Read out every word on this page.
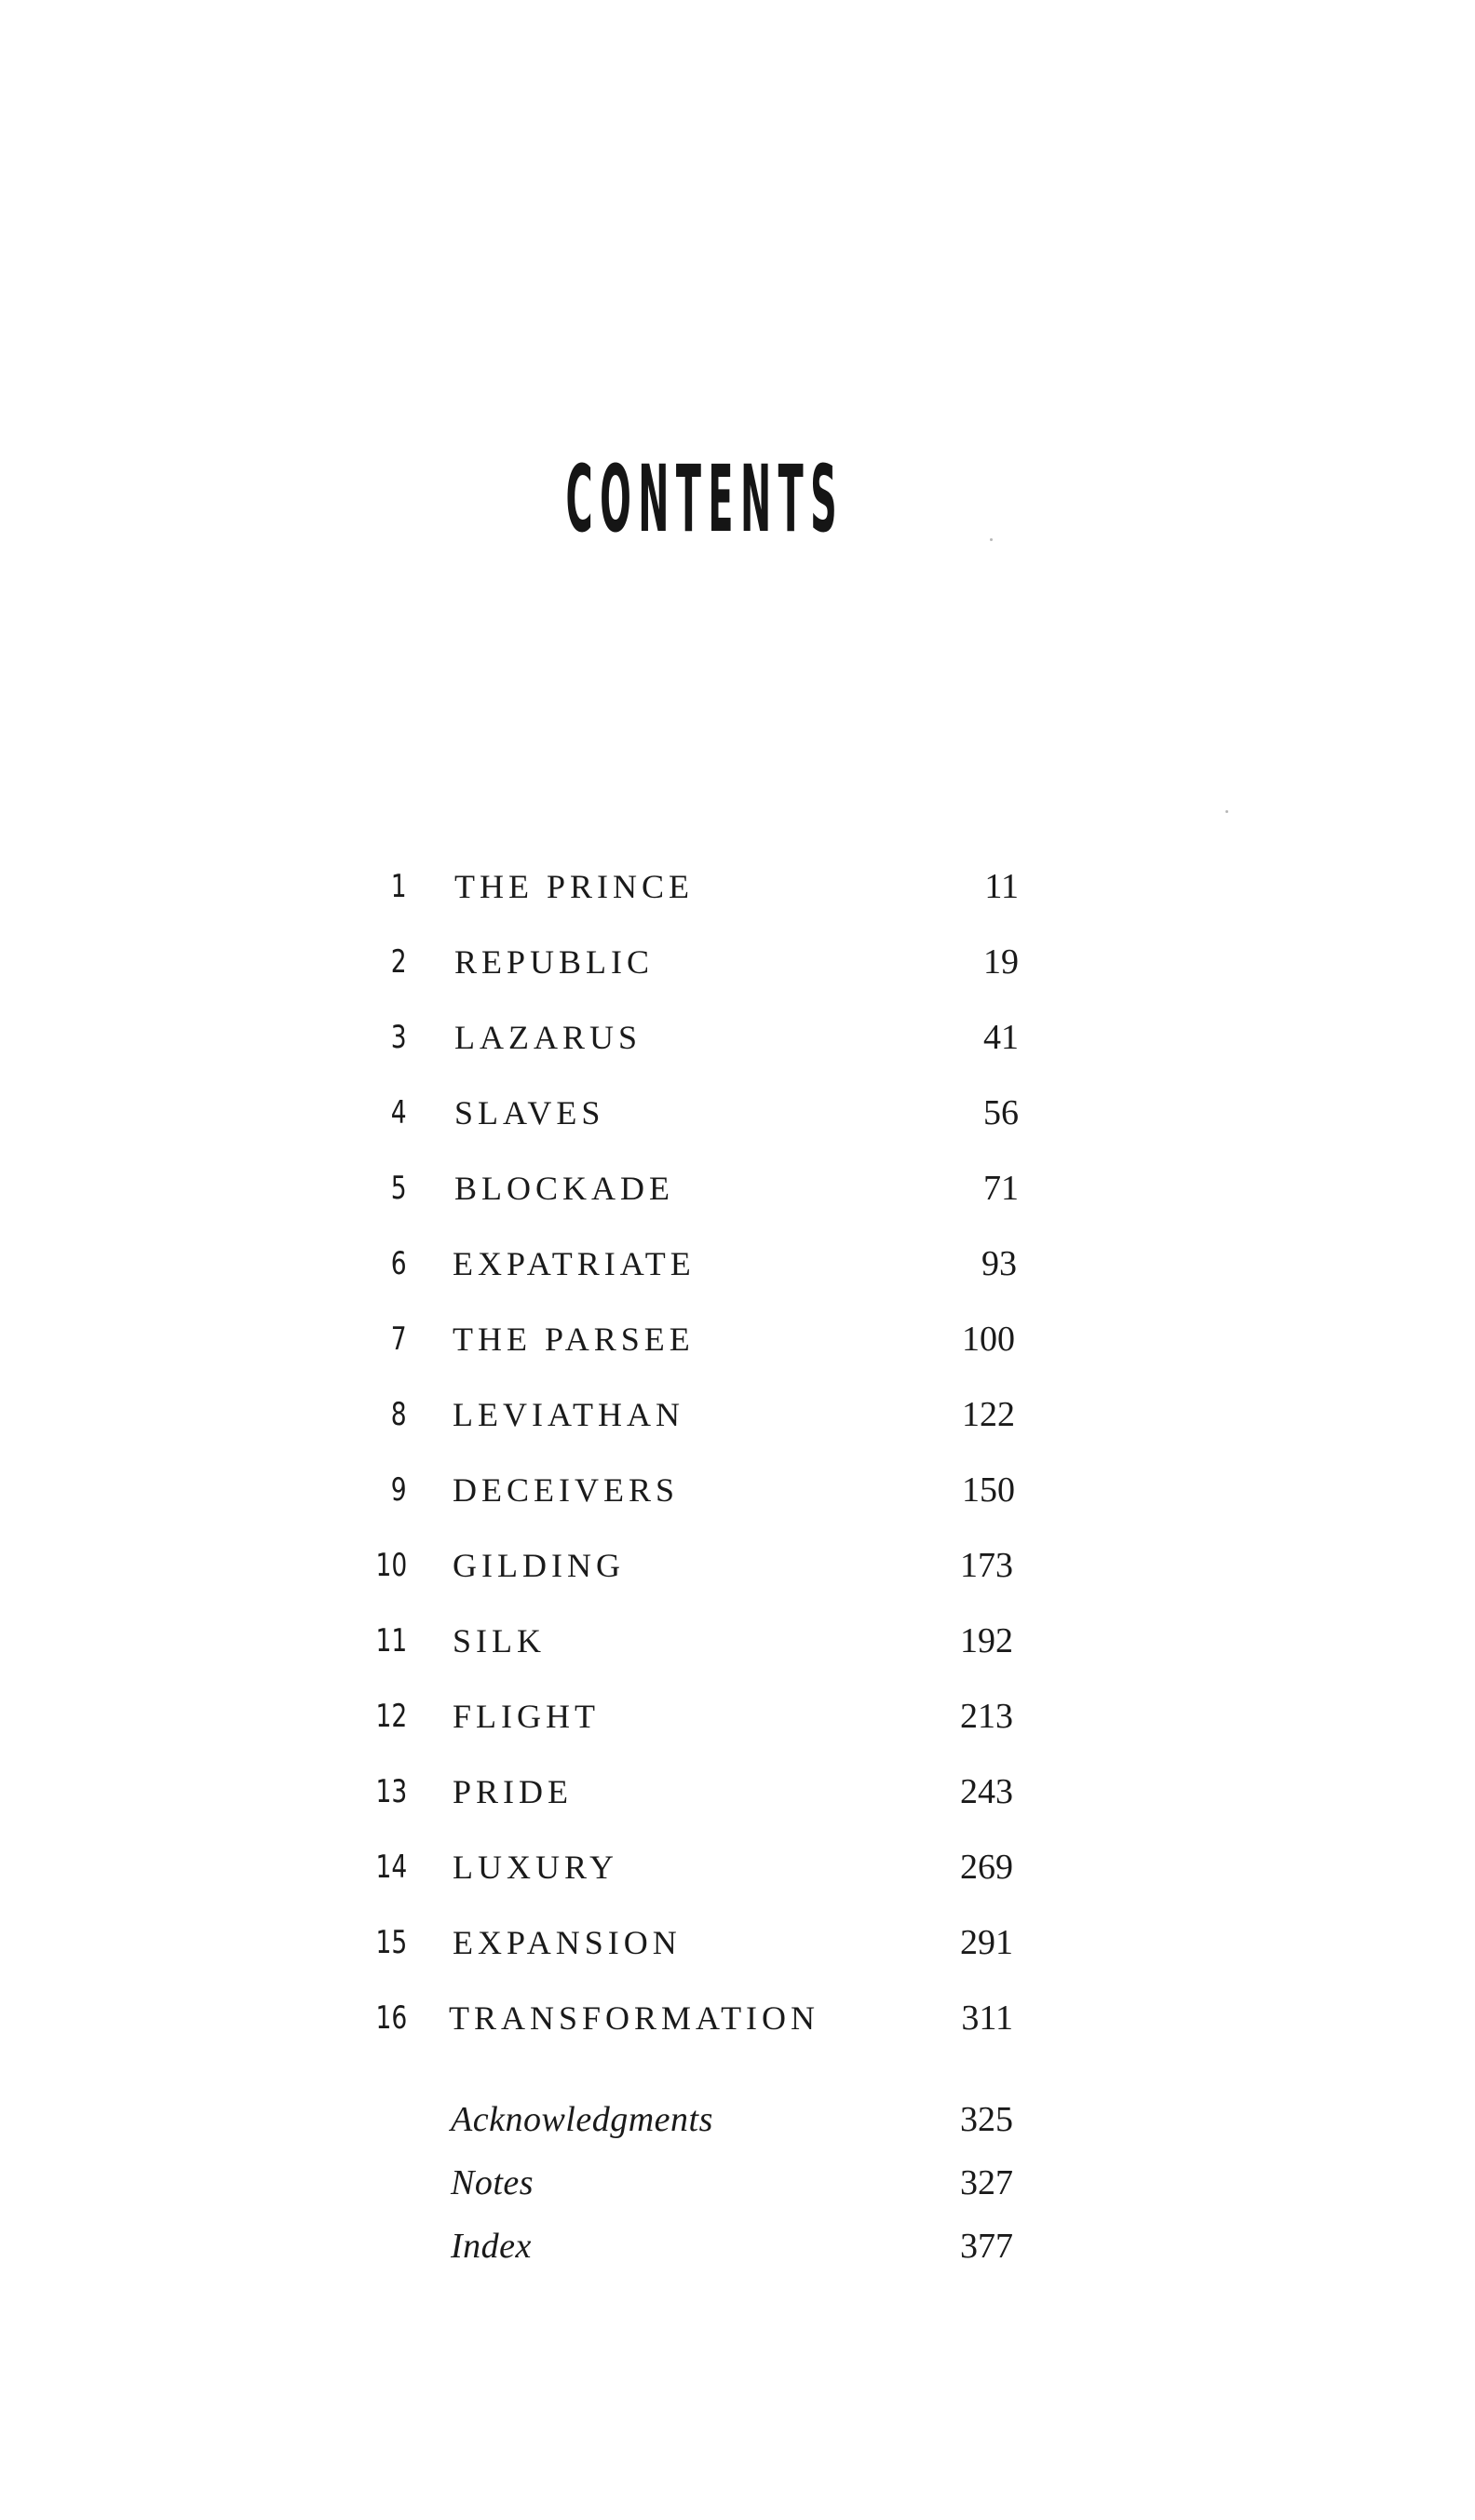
CONTENTS
1 THE PRINCE	11
2 REPUBLIC	19
3 LAZARUS	41
4 SLAVES	56
5 BLOCKADE	71
6 EXPATRIATE	93
7 THE PARSEE	100
8 LEVIATHAN	122
9 DECEIVERS	150
10 GILDING	173
11 SILK	192
12 FLIGHT	213
13 PRIDE	243
14 LUXURY	269
15 EXPANSION	291
16 TRANSFORMATION	311
Acknowledgments	325
Notes	327
Index	377
